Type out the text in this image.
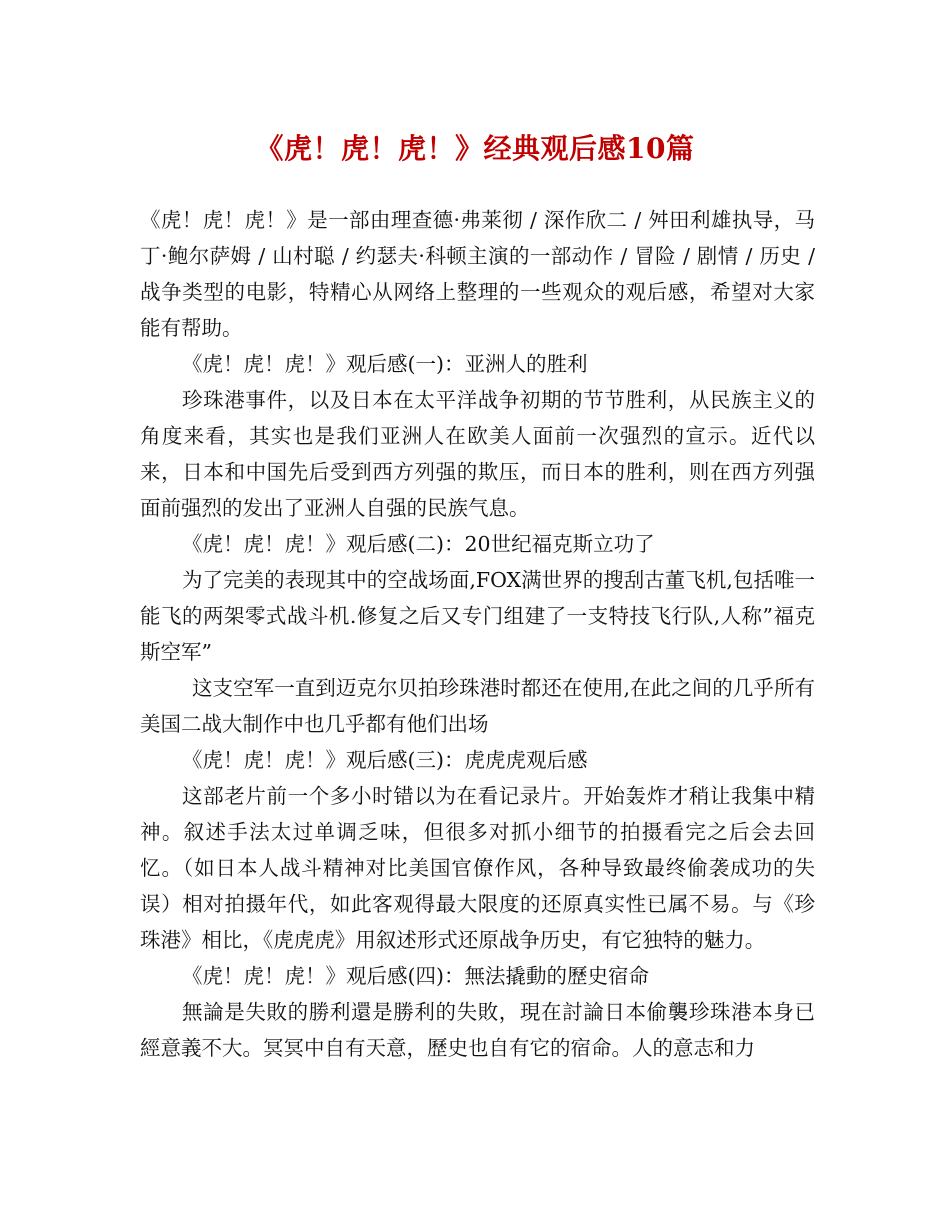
《虎！虎！虎！》经典观后感10篇

《虎！虎！虎！》是一部由理查德·弗莱彻 / 深作欣二 / 舛田利雄执导，马丁·鲍尔萨姆 / 山村聪 / 约瑟夫·科顿主演的一部动作 / 冒险 / 剧情 / 历史 / 战争类型的电影，特精心从网络上整理的一些观众的观后感，希望对大家能有帮助。

《虎！虎！虎！》观后感(一)：亚洲人的胜利

珍珠港事件，以及日本在太平洋战争初期的节节胜利，从民族主义的角度来看，其实也是我们亚洲人在欧美人面前一次强烈的宣示。近代以来，日本和中国先后受到西方列强的欺压，而日本的胜利，则在西方列强面前强烈的发出了亚洲人自强的民族气息。

《虎！虎！虎！》观后感(二)：20世纪福克斯立功了

为了完美的表现其中的空战场面,FOX满世界的搜刮古董飞机,包括唯一能飞的两架零式战斗机.修复之后又专门组建了一支特技飞行队,人称”福克斯空军”

这支空军一直到迈克尔贝拍珍珠港时都还在使用,在此之间的几乎所有美国二战大制作中也几乎都有他们出场

《虎！虎！虎！》观后感(三)：虎虎虎观后感

这部老片前一个多小时错以为在看记录片。开始轰炸才稍让我集中精神。叙述手法太过单调乏味，但很多对抓小细节的拍摄看完之后会去回忆。（如日本人战斗精神对比美国官僚作风，各种导致最终偷袭成功的失误）相对拍摄年代，如此客观得最大限度的还原真实性已属不易。与《珍珠港》相比，《虎虎虎》用叙述形式还原战争历史，有它独特的魅力。

《虎！虎！虎！》观后感(四)：無法撬動的歷史宿命

無論是失敗的勝利還是勝利的失敗，現在討論日本偷襲珍珠港本身已經意義不大。冥冥中自有天意，歷史也自有它的宿命。人的意志和力
